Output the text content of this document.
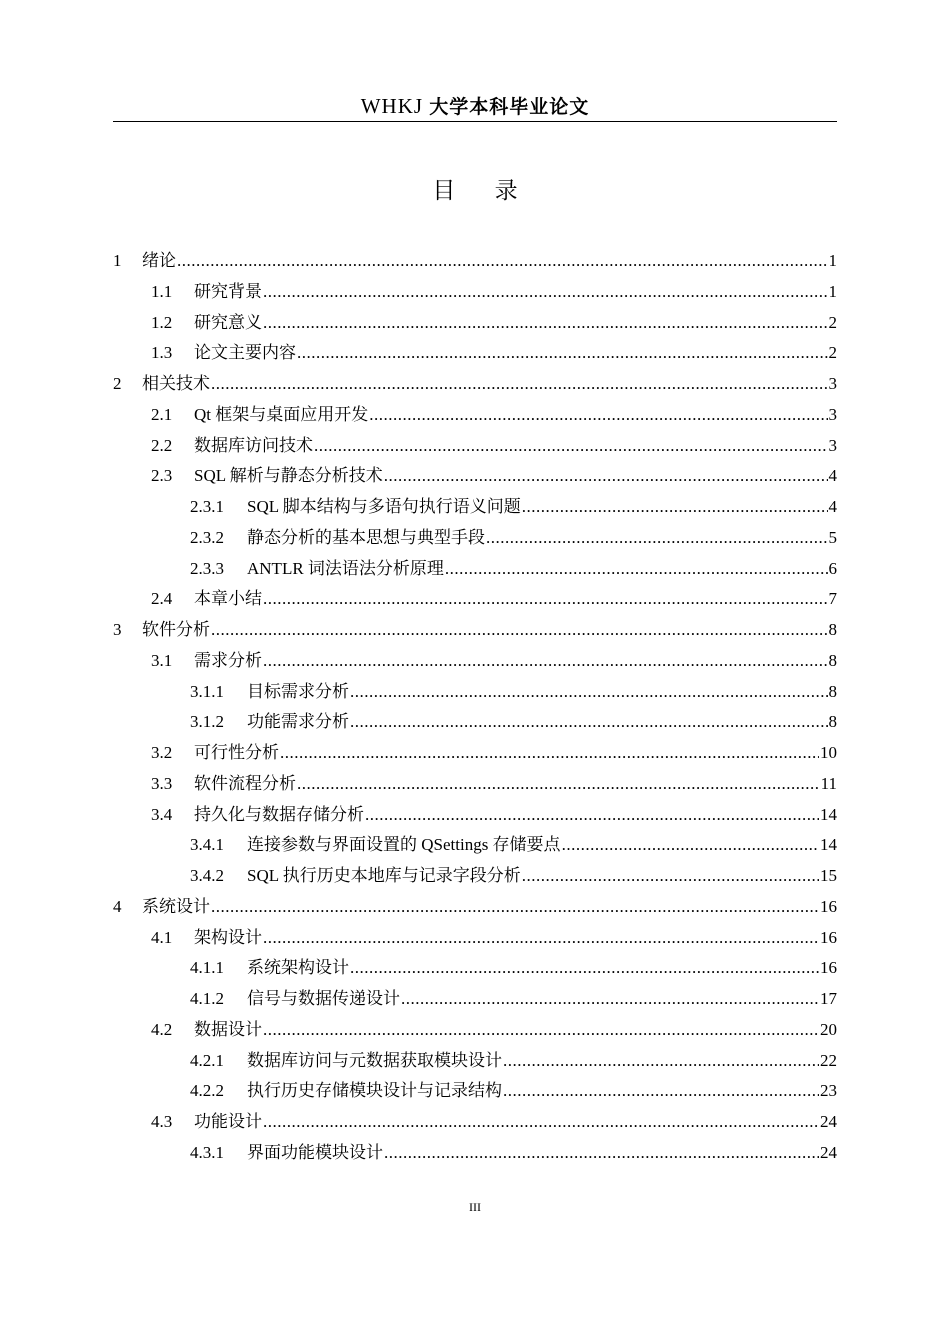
WHKJ 大学本科毕业论文
目 录
1	绪论 .....	1
1.1	研究背景 .....	1
1.2	研究意义 .....	2
1.3	论文主要内容 .....	2
2	相关技术 .....	3
2.1	Qt 框架与桌面应用开发 .....	3
2.2	数据库访问技术 .....	3
2.3	SQL 解析与静态分析技术 .....	4
2.3.1	SQL 脚本结构与多语句执行语义问题 .....	4
2.3.2	静态分析的基本思想与典型手段 .....	5
2.3.3	ANTLR 词法语法分析原理 .....	6
2.4	本章小结 .....	7
3	软件分析 .....	8
3.1	需求分析 .....	8
3.1.1	目标需求分析 .....	8
3.1.2	功能需求分析 .....	8
3.2	可行性分析 .....	10
3.3	软件流程分析 .....	11
3.4	持久化与数据存储分析 .....	14
3.4.1	连接参数与界面设置的 QSettings 存储要点 .....	14
3.4.2	SQL 执行历史本地库与记录字段分析 .....	15
4	系统设计 .....	16
4.1	架构设计 .....	16
4.1.1	系统架构设计 .....	16
4.1.2	信号与数据传递设计 .....	17
4.2	数据设计 .....	20
4.2.1	数据库访问与元数据获取模块设计 .....	22
4.2.2	执行历史存储模块设计与记录结构 .....	23
4.3	功能设计 .....	24
4.3.1	界面功能模块设计 .....	24
III
